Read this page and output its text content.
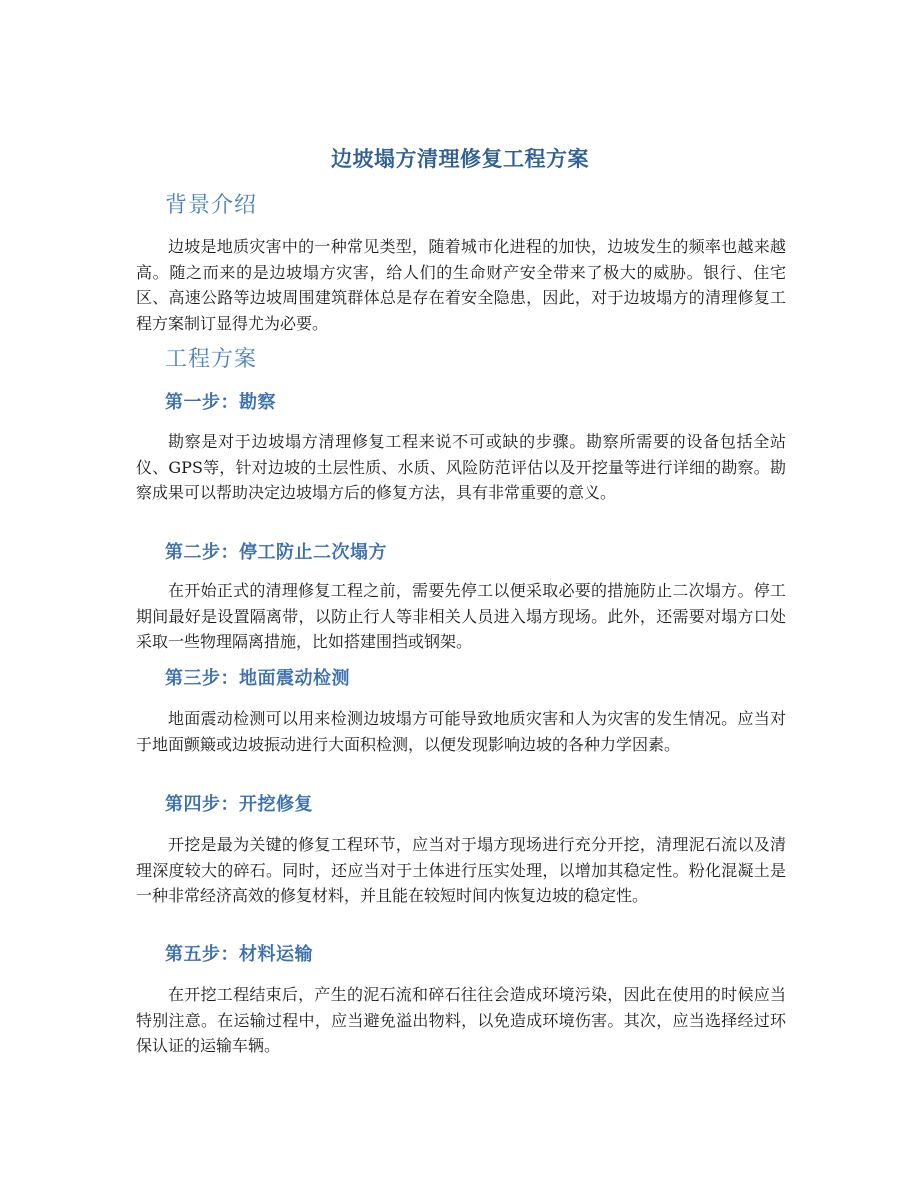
边坡塌方清理修复工程方案
背景介绍

边坡是地质灾害中的一种常见类型，随着城市化进程的加快，边坡发生的频率也越来越高。随之而来的是边坡塌方灾害，给人们的生命财产安全带来了极大的威胁。银行、住宅区、高速公路等边坡周围建筑群体总是存在着安全隐患，因此，对于边坡塌方的清理修复工程方案制订显得尤为必要。

工程方案
第一步：勘察

勘察是对于边坡塌方清理修复工程来说不可或缺的步骤。勘察所需要的设备包括全站仪、GPS等，针对边坡的土层性质、水质、风险防范评估以及开挖量等进行详细的勘察。勘察成果可以帮助决定边坡塌方后的修复方法，具有非常重要的意义。

第二步：停工防止二次塌方

在开始正式的清理修复工程之前，需要先停工以便采取必要的措施防止二次塌方。停工期间最好是设置隔离带，以防止行人等非相关人员进入塌方现场。此外，还需要对塌方口处采取一些物理隔离措施，比如搭建围挡或钢架。

第三步：地面震动检测

地面震动检测可以用来检测边坡塌方可能导致地质灾害和人为灾害的发生情况。应当对于地面颤簸或边坡振动进行大面积检测，以便发现影响边坡的各种力学因素。

第四步：开挖修复

开挖是最为关键的修复工程环节，应当对于塌方现场进行充分开挖，清理泥石流以及清理深度较大的碎石。同时，还应当对于土体进行压实处理，以增加其稳定性。粉化混凝土是一种非常经济高效的修复材料，并且能在较短时间内恢复边坡的稳定性。

第五步：材料运输

在开挖工程结束后，产生的泥石流和碎石往往会造成环境污染，因此在使用的时候应当特别注意。在运输过程中，应当避免溢出物料，以免造成环境伤害。其次，应当选择经过环保认证的运输车辆。
